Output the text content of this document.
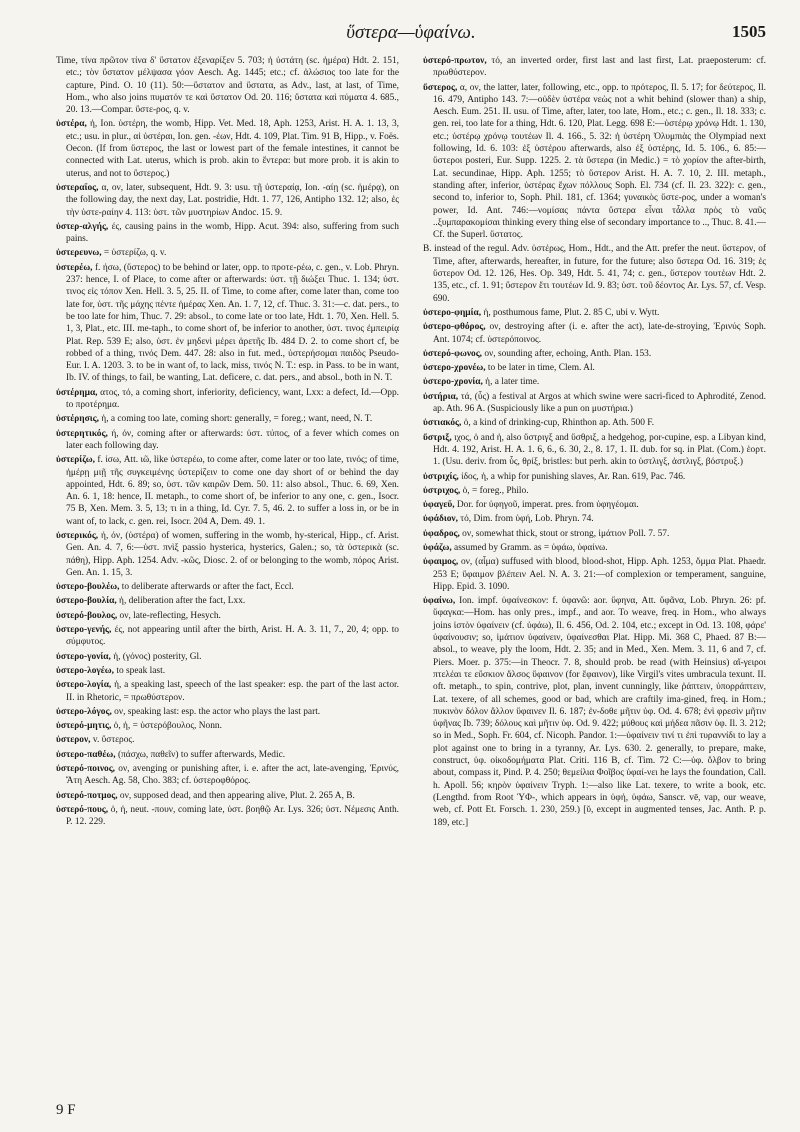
ὕστερα—ὑφαίνω.	1505

Time, τίνα πρῶτον τίνα δ' ὕστατον ἐξεναρίξεν 5. 703; ἡ ὑστάτη (sc. ἡμέρα) Hdt. 2. 151, etc.; τὸν ὕστατον μέλψασα γόον Aesch. Ag. 1445; etc.; cf. ἀλώσιος too late for the capture, Pind. O. 10 (11). 50:—ὕστατον and ὕστατα, as Adv., last, at last, of Time, Hom., who also joins πυματόν τε καὶ ὕστατον Od. 20. 116; ὕστατα καὶ πύματα 4. 685., 20. 13.—Compar. ὕστε-ρος, q. v.

ὑστέρα, ἡ, Ion. ὑστέρη, the womb, Hipp. Vet. Med. 18, Aph. 1253, Arist. H. A. 1. 13, 3, etc.; usu. in plur., αἱ ὑστέραι, Ion. gen. -έων, Hdt. 4. 109, Plat. Tim. 91 B, Hipp., v. Foës. Oecon. (If from ὕστερος, the last or lowest part of the female intestines, it cannot be connected with Lat. uterus, which is prob. akin to ἔντερα: but more prob. it is akin to uterus, and not to ὕστερος.)

ὑστεραῖος, α, ον, later, subsequent, Hdt. 9. 3: usu. τῇ ὑστεραίᾳ, Ion. -αίῃ (sc. ἡμέρᾳ), on the following day, the next day, Lat. postridie, Hdt. 1. 77, 126, Antipho 132. 12; also, ἐς τὴν ὑστε-ραίην 4. 113: ὑστ. τῶν μυστηρίων Andoc. 15. 9.

ὑστερ-αλγής, ές, causing pains in the womb, Hipp. Acut. 394: also, suffering from such pains.

ὑστερευνω, = ὑστερίζω, q. v.

ὑστερέω, f. ήσω, (ὕστερος) to be behind or later, opp. to προτε-ρέω, c. gen., v. Lob. Phryn. 237: hence, I. of Place, to come after or afterwards: ὑστ. τῇ διώξει Thuc. 1. 134; ὑστ. τινος εἰς τόπον Xen. Hell. 3. 5, 25. II. of Time, to come after, come later than, come too late for, ὑστ. τῆς μάχης πέντε ἡμέρας Xen. An. 1. 7, 12, cf. Thuc. 3. 31:—c. dat. pers., to be too late for him, Thuc. 7. 29: absol., to come late or too late, Hdt. 1. 70, Xen. Hell. 5. 1, 3, Plat., etc. III. me-taph., to come short of, be inferior to another, ὑστ. τινος ἐμπειρίᾳ Plat. Rep. 539 E; also, ὑστ. ἐν μηδενὶ μέρει ἀρετῆς Ib. 484 D. 2. to come short cf, be robbed of a thing, τινός Dem. 447. 28: also in fut. med., ὑστερήσομαι παιδὸς Pseudo-Eur. I. A. 1203. 3. to be in want of, to lack, miss, τινός N. T.: esp. in Pass. to be in want, Ib. IV. of things, to fail, be wanting, Lat. deficere, c. dat. pers., and absol., both in N. T.

ὑστέρημα, ατος, τό, a coming short, inferiority, deficiency, want, Lxx: a defect, Id.—Opp. to προτέρημα.

ὑστέρησις, ἡ, a coming too late, coming short: generally, = foreg.; want, need, N. T.

ὑστερητικός, ή, όν, coming after or afterwards: ὑστ. τύπος, of a fever which comes on later each following day.

ὑστερίζω, f. ίσω, Att. ιῶ, like ὑστερέω, to come after, come later or too late, τινός; of time, ἡμέρῃ μιῇ τῆς συγκειμένης ὑστερίζειν to come one day short of or behind the day appointed, Hdt. 6. 89; so, ὑστ. τῶν καιρῶν Dem. 50. 11: also absol., Thuc. 6. 69, Xen. An. 6. 1, 18: hence, II. metaph., to come short of, be inferior to any one, c. gen., Isocr. 75 B, Xen. Mem. 3. 5, 13; τι in a thing, Id. Cyr. 7. 5, 46. 2. to suffer a loss in, or be in want of, to lack, c. gen. rei, Isocr. 204 A, Dem. 49. 1.

ὑστερικός, ή, όν, (ὑστέρα) of women, suffering in the womb, hy-sterical, Hipp., cf. Arist. Gen. An. 4. 7, 6:—ὑστ. πνὶξ passio hysterica, hysterics, Galen.; so, τὰ ὑστερικὰ (sc. πάθη), Hipp. Aph. 1254. Adv. -κῶς, Diosc. 2. of or belonging to the womb, πόρος Arist. Gen. An. 1. 15, 3.

ὑστερο-βουλέω, to deliberate afterwards or after the fact, Eccl.

ὑστερο-βουλία, ἡ, deliberation after the fact, Lxx.

ὑστερό-βουλος, ον, late-reflecting, Hesych.

ὑστερο-γενής, ές, not appearing until after the birth, Arist. H. A. 3. 11, 7., 20, 4; opp. to σύμφυτος.

ὑστερο-γονία, ἡ, (γόνος) posterity, Gl.

ὑστερο-λογέω, to speak last.

ὑστερο-λογία, ἡ, a speaking last, speech of the last speaker: esp. the part of the last actor. II. in Rhetoric, = πρωθύστερον.

ὑστερο-λόγος, ον, speaking last: esp. the actor who plays the last part.

ὑστερό-μητις, ὁ, ἡ, = ὑστερόβουλος, Nonn.

ὑστερον, v. ὕστερος.

ὑστερο-παθέω, (πάσχω, παθεῖν) to suffer afterwards, Medic.

ὑστερό-ποινος, ον, avenging or punishing after, i. e. after the act, late-avenging, Ἐρινύς, Ἄτη Aesch. Ag. 58, Cho. 383; cf. ὑστεροφθόρος.

ὑστερό-ποτμος, ον, supposed dead, and then appearing alive, Plut. 2. 265 A, B.

ὑστερό-πους, ὁ, ἡ, neut. -πουν, coming late, ὑστ. βοηθῷ Ar. Lys. 326; ὑστ. Νέμεσις Anth. P. 12. 229.

ὑστερό-πρωτον, τό, an inverted order, first last and last first, Lat. praeposterum: cf. πρωθύστερον.

ὕστερος, α, ον, the latter, later, following, etc., opp. to πρότερος, Il. 5. 17; for δεύτερος, Il. 16. 479, Antipho 143. 7:—οὐδὲν ὑστέρα νεὼς not a whit behind (slower than) a ship, Aesch. Eum. 251. II. usu. of Time, after, later, too late, Hom., etc.; c. gen., Il. 18. 333; c. gen. rei, too late for a thing, Hdt. 6. 120, Plat. Legg. 698 E:—ὑστέρῳ χρόνῳ Hdt. 1. 130, etc.; ὑστέρῳ χρόνῳ τουτέων Il. 4. 166., 5. 32: ἡ ὑστέρη Ὀλυμπιὰς the Olympiad next following, Id. 6. 103: ἐξ ὑστέρου afterwards, also ἐξ ὑστέρης, Id. 5. 106., 6. 85:—ὕστεροι posteri, Eur. Supp. 1225. 2. τὰ ὕστερα (in Medic.) = τὸ χορίον the after-birth, Lat. secundinae, Hipp. Aph. 1255; τὸ ὕστερον Arist. H. A. 7. 10, 2. III. metaph., standing after, inferior, ὑστέρας ἔχων πόλλους Soph. El. 734 (cf. Il. 23. 322): c. gen., second to, inferior to, Soph. Phil. 181, cf. 1364; γυναικὸς ὕστε-ρος, under a woman's power, Id. Ant. 746:—νομίσας πάντα ὕστερα εἶναι τἆλλα πρὸς τὸ ναῦς ..ξυμπαρακομίσαι thinking every thing else of secondary importance to .., Thuc. 8. 41.—Cf. the Superl. ὕστατος.

B. instead of the regul. Adv. ὑστέρως, Hom., Hdt., and the Att. prefer the neut. ὕστερον, of Time, after, afterwards, hereafter, in future, for the future; also ὕστερα Od. 16. 319; ἐς ὕστερον Od. 12. 126, Hes. Op. 349, Hdt. 5. 41, 74; c. gen., ὕστερον τουτέων Hdt. 2. 135, etc., cf. 1. 91; ὕστερον ἔτι τουτέων Id. 9. 83; ὑστ. τοῦ δέοντος Ar. Lys. 57, cf. Vesp. 690.

ὑστερο-φημία, ἡ, posthumous fame, Plut. 2. 85 C, ubi v. Wytt.

ὑστερο-φθόρος, ον, destroying after (i. e. after the act), late-de-stroying, Ἐρινύς Soph. Ant. 1074; cf. ὑστερόποινος.

ὑστερό-φωνος, ον, sounding after, echoing, Anth. Plan. 153.

ὑστερο-χρονέω, to be later in time, Clem. Al.

ὑστερο-χρονία, ἡ, a later time.

ὑστήρια, τά, (ὗς) a festival at Argos at which swine were sacri-ficed to Aphrodité, Zenod. ap. Ath. 96 A. (Suspiciously like a pun on μυστήρια.)

ὑστιακός, ὁ, a kind of drinking-cup, Rhinthon ap. Ath. 500 F.

ὕστριξ, ιχος, ὁ and ἡ, also ὕστριγξ and ὕσθριξ, a hedgehog, por-cupine, esp. a Libyan kind, Hdt. 4. 192, Arist. H. A. 1. 6, 6., 6. 30, 2., 8. 17, 1. II. dub. for sq. in Plat. (Com.) ἑορτ. 1. (Usu. deriv. from ὗς, θρίξ, bristles: but perh. akin to ὑστλιγξ, ἀστλιγξ, βόστρυξ.)

ὑστριχίς, ίδος, ἡ, a whip for punishing slaves, Ar. Ran. 619, Pac. 746.

ὑστριχος, ὁ, = foreg., Philo.

ὑφαγεῦ, Dor. for ὑφηγοῦ, imperat. pres. from ὑφηγέομαι.

ὑφάδιον, τό, Dim. from ὑφή, Lob. Phryn. 74.

ὑφαδρος, ον, somewhat thick, stout or strong, ἱμάτιον Poll. 7. 57.

ὑφάζω, assumed by Gramm. as = ὑφάω, ὑφαίνω.

ὑφαιμος, ον, (αἷμα) suffused with blood, blood-shot, Hipp. Aph. 1253, ὄμμα Plat. Phaedr. 253 E; ὕφαιμον βλέπειν Ael. N. A. 3. 21:—of complexion or temperament, sanguine, Hipp. Epid. 3. 1090.

ὑφαίνω, Ion. impf. ὑφαίνεσκον: f. ὑφανῶ: aor. ὕφηνα, Att. ὕφᾶνα, Lob. Phryn. 26: pf. ὕφαγκα:—Hom. has only pres., impf., and aor. To weave, freq. in Hom., who always joins ἱστὸν ὑφαίνειν (cf. ὑφάω), Il. 6. 456, Od. 2. 104, etc.; except in Od. 13. 108, φάρε' ὑφαίνουσιν; so, ἱμάτιον ὑφαίνειν, ὑφαίνεσθαι Plat. Hipp. Mi. 368 C, Phaed. 87 B:—absol., to weave, ply the loom, Hdt. 2. 35; and in Med., Xen. Mem. 3. 11, 6 and 7, cf. Piers. Moer. p. 375:—in Theocr. 7. 8, should prob. be read (with Heinsius) αἴ-γειροι πτελέαι τε εὔσκιον ἄλσος ὕφαινον (for ἔφαινον), like Virgil's vites umbracula texunt. II. oft. metaph., to spin, contrive, plot, plan, invent cunningly, like ῥάπτειν, ὑπορράπτειν, Lat. texere, of all schemes, good or bad, which are craftily ima-gined, freq. in Hom.; πυκινὸν δόλον ἄλλον ὕφαινεν Il. 6. 187; ἐν-δοθε μῆτιν ὑφ. Od. 4. 678; ἐνὶ φρεσὶν μῆτιν ὑφῆνας Ib. 739; δόλους καὶ μῆτιν ὑφ. Od. 9. 422; μύθους καὶ μήδεα πᾶσιν ὑφ. Il. 3. 212; so in Med., Soph. Fr. 604, cf. Nicoph. Pandor. 1:—ὑφαίνειν τινί τι ἐπὶ τυραννίδι to lay a plot against one to bring in a tyranny, Ar. Lys. 630. 2. generally, to prepare, make, construct, ὑφ. οἰκοδομήματα Plat. Criti. 116 B, cf. Tim. 72 C:—ὑφ. ὄλβον to bring about, compass it, Pind. P. 4. 250; θεμείλια Φοῖβος ὑφαί-νει he lays the foundation, Call. h. Apoll. 56; κηρὸν ὑφαίνειν Tryph. 1:—also like Lat. texere, to write a book, etc. (Lengthd. from Root ὙΦ-, which appears in ὑφή, ὑφάω, Sanscr. vē, vap, our weave, web, cf. Pott Et. Forsch. 1. 230, 259.) [ῠ, except in augmented tenses, Jac. Anth. P. p. 189, etc.]

9 F
